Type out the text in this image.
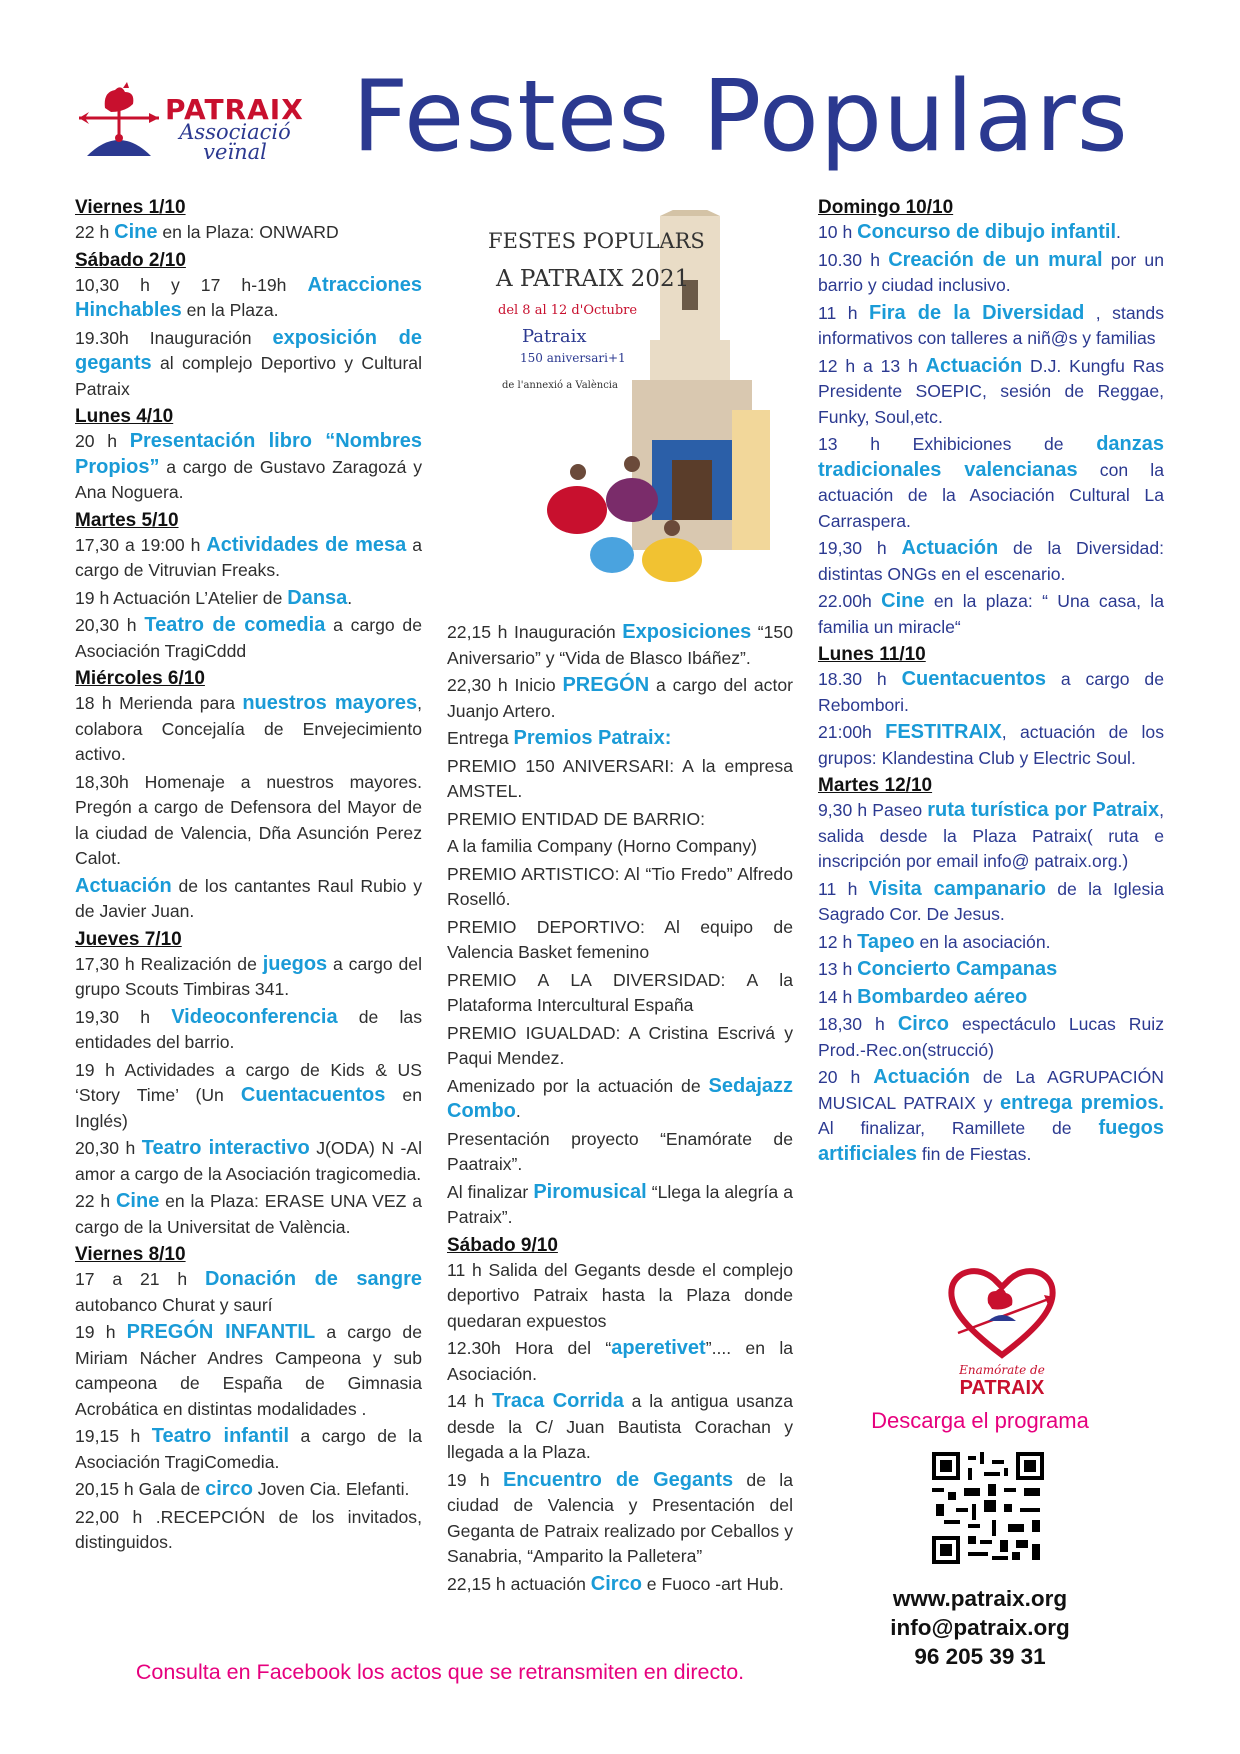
PATRAIX
Associació
veïnal Festes Populars
Viernes 1/10
22 h Cine en la Plaza: ONWARD
Sábado 2/10
10,30 h y 17 h-19h Atracciones Hinchables en la Plaza.
19.30h Inauguración exposición de gegants al complejo Deportivo y Cultural Patraix
Lunes 4/10
20 h Presentación libro “Nombres Propios” a cargo de Gustavo Zaragozá y Ana Noguera.
Martes 5/10
17,30 a 19:00 h Actividades de mesa a cargo de Vitruvian Freaks.
19 h Actuación L’Atelier de Dansa.
20,30 h Teatro de comedia a cargo de Asociación TragiCddd
Miércoles 6/10
18 h Merienda para nuestros mayores, colabora Concejalía de Envejecimiento activo.
18,30h Homenaje a nuestros mayores. Pregón a cargo de Defensora del Mayor de la ciudad de Valencia, Dña Asunción Perez Calot.
Actuación de los cantantes Raul Rubio y de Javier Juan.
Jueves 7/10
17,30 h Realización de juegos a cargo del grupo Scouts Timbiras 341.
19,30 h Videoconferencia de las entidades del barrio.
19 h Actividades a cargo de Kids & US ‘Story Time’ (Un Cuentacuentos en Inglés)
20,30 h Teatro interactivo J(ODA) N -Al amor a cargo de la Asociación tragicomedia.
22 h Cine en la Plaza: ERASE UNA VEZ a cargo de la Universitat de València.
Viernes 8/10
17 a 21 h Donación de sangre autobanco Churat y saurí
19 h PREGÓN INFANTIL a cargo de Miriam Nácher Andres Campeona y sub campeona de España de Gimnasia Acrobática en distintas modalidades .
19,15 h Teatro infantil a cargo de la Asociación TragiComedia.
20,15 h Gala de circo Joven Cia. Elefanti.
22,00 h .RECEPCIÓN de los invitados, distinguidos.
FESTES POPULARS
A PATRAIX 2021
del 8 al 12 d'Octubre
Patraix
150 aniversari+1
de l'annexió a València
22,15 h Inauguración Exposiciones “150 Aniversario” y “Vida de Blasco Ibáñez”.
22,30 h Inicio PREGÓN a cargo del actor Juanjo Artero.
Entrega Premios Patraix:
PREMIO 150 ANIVERSARI: A la empresa AMSTEL.
PREMIO ENTIDAD DE BARRIO:
A la familia Company (Horno Company)
PREMIO ARTISTICO: Al “Tio Fredo” Alfredo Roselló.
PREMIO DEPORTIVO: Al equipo de Valencia Basket femenino
PREMIO A LA DIVERSIDAD: A la Plataforma Intercultural España
PREMIO IGUALDAD: A Cristina Escrivá y Paqui Mendez.
Amenizado por la actuación de Sedajazz Combo.
Presentación proyecto “Enamórate de Paatraix”.
Al finalizar Piromusical “Llega la alegría a Patraix”.
Sábado 9/10
11 h Salida del Gegants desde el complejo deportivo Patraix hasta la Plaza donde quedaran expuestos
12.30h Hora del “aperetivet”.... en la Asociación.
14 h Traca Corrida a la antigua usanza desde la C/ Juan Bautista Corachan y llegada a la Plaza.
19 h Encuentro de Gegants de la ciudad de Valencia y Presentación del Geganta de Patraix realizado por Ceballos y Sanabria, “Amparito la Palletera”
22,15 h actuación Circo e Fuoco -art Hub.
Domingo 10/10
10 h Concurso de dibujo infantil.
10.30 h Creación de un mural por un barrio y ciudad inclusivo.
11 h Fira de la Diversidad , stands informativos con talleres a niñ@s y familias
12 h a 13 h Actuación D.J. Kungfu Ras Presidente SOEPIC, sesión de Reggae, Funky, Soul,etc.
13 h Exhibiciones de danzas tradicionales valencianas con la actuación de la Asociación Cultural La Carraspera.
19,30 h Actuación de la Diversidad: distintas ONGs en el escenario.
22.00h Cine en la plaza: “ Una casa, la familia un miracle“
Lunes 11/10
18.30 h Cuentacuentos a cargo de Rebombori.
21:00h FESTITRAIX, actuación de los grupos: Klandestina Club y Electric Soul.
Martes 12/10
9,30 h Paseo ruta turística por Patraix, salida desde la Plaza Patraix( ruta e inscripción por email info@ patraix.org.)
11 h Visita campanario de la Iglesia Sagrado Cor. De Jesus.
12 h Tapeo en la asociación.
13 h Concierto Campanas
14 h Bombardeo aéreo
18,30 h Circo espectáculo Lucas Ruiz Prod.-Rec.on(strucció)
20 h Actuación de La AGRUPACIÓN MUSICAL PATRAIX y entrega premios. Al finalizar, Ramillete de fuegos artificiales fin de Fiestas.
Enamórate de
PATRAIX
Descarga el programa
www.patraix.org
info@patraix.org
96 205 39 31
Consulta en Facebook los actos que se retransmiten en directo.
